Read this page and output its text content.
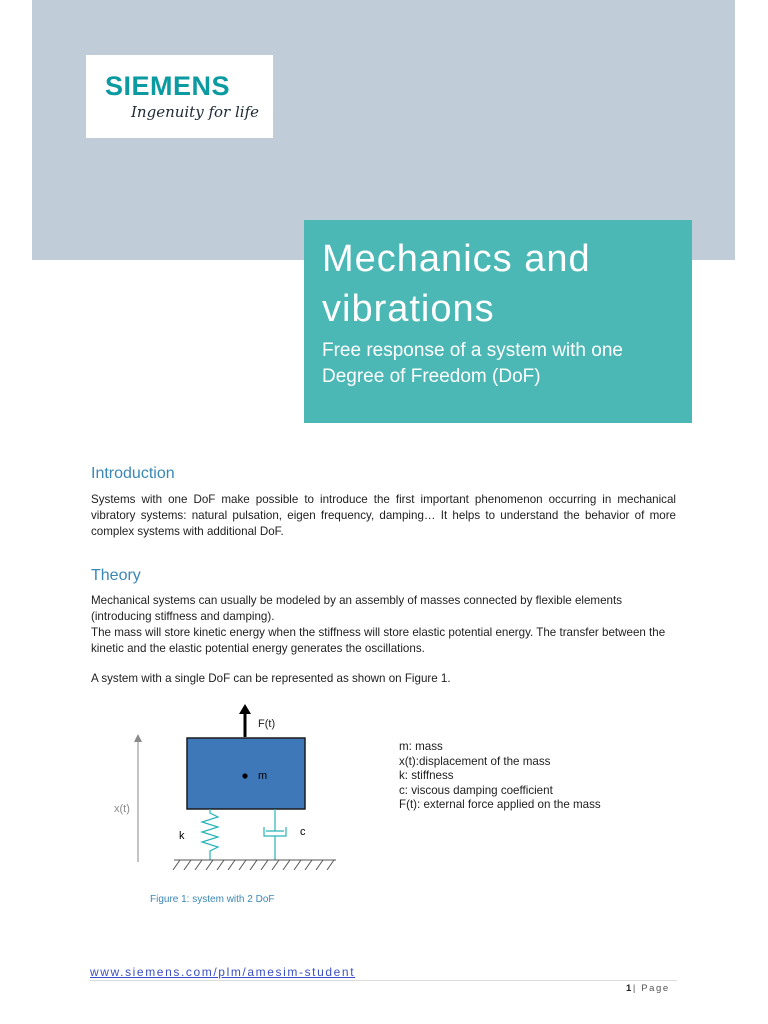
SIEMENS
Ingenuity for life
Mechanics and vibrations
Free response of a system with one Degree of Freedom (DoF)
Introduction

Systems with one DoF make possible to introduce the first important phenomenon occurring in mechanical vibratory systems: natural pulsation, eigen frequency, damping… It helps to understand the behavior of more complex systems with additional DoF.

Theory

Mechanical systems can usually be modeled by an assembly of masses connected by flexible elements (introducing stiffness and damping).

The mass will store kinetic energy when the stiffness will store elastic potential energy. The transfer between the kinetic and the elastic potential energy generates the oscillations.

A system with a single DoF can be represented as shown on Figure 1.

F(t)
x(t)
m
k	c
m: mass
x(t):displacement of the mass
k: stiffness
c: viscous damping coefficient
F(t): external force applied on the mass
Figure 1: system with 2 DoF
www.siemens.com/plm/amesim-student
1| Page
